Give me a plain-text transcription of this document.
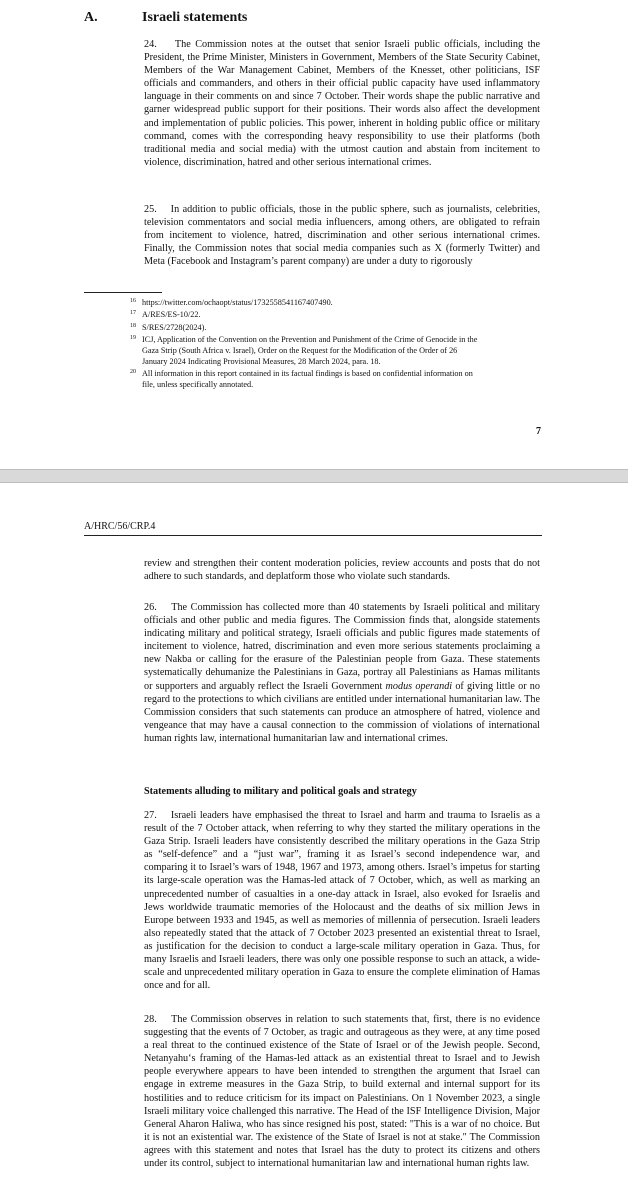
A.	Israeli statements

24. The Commission notes at the outset that senior Israeli public officials, including the President, the Prime Minister, Ministers in Government, Members of the State Security Cabinet, Members of the War Management Cabinet, Members of the Knesset, other politicians, ISF officials and commanders, and others in their official public capacity have used inflammatory language in their comments on and since 7 October. Their words shape the public narrative and garner widespread public support for their positions. Their words also affect the development and implementation of public policies. This power, inherent in holding public office or military command, comes with the corresponding heavy responsibility to use their platforms (both traditional media and social media) with the utmost caution and abstain from incitement to violence, discrimination, hatred and other serious international crimes.

25. In addition to public officials, those in the public sphere, such as journalists, celebrities, television commentators and social media influencers, among others, are obligated to refrain from incitement to violence, hatred, discrimination and other serious international crimes. Finally, the Commission notes that social media companies such as X (formerly Twitter) and Meta (Facebook and Instagram’s parent company) are under a duty to rigorously

16 https://twitter.com/ochaopt/status/1732558541167407490.
17 A/RES/ES-10/22.
18 S/RES/2728(2024).
19 ICJ, Application of the Convention on the Prevention and Punishment of the Crime of Genocide in the Gaza Strip (South Africa v. Israel), Order on the Request for the Modification of the Order of 26 January 2024 Indicating Provisional Measures, 28 March 2024, para. 18.
20 All information in this report contained in its factual findings is based on confidential information on file, unless specifically annotated.
7
A/HRC/56/CRP.4

review and strengthen their content moderation policies, review accounts and posts that do not adhere to such standards, and deplatform those who violate such standards.

26. The Commission has collected more than 40 statements by Israeli political and military officials and other public and media figures. The Commission finds that, alongside statements indicating military and political strategy, Israeli officials and public figures made statements of incitement to violence, hatred, discrimination and even more serious statements proclaiming a new Nakba or calling for the erasure of the Palestinian people from Gaza. These statements systematically dehumanize the Palestinians in Gaza, portray all Palestinians as Hamas militants or supporters and arguably reflect the Israeli Government modus operandi of giving little or no regard to the protections to which civilians are entitled under international humanitarian law. The Commission considers that such statements can produce an atmosphere of hatred, violence and vengeance that may have a causal connection to the commission of violations of international human rights law, international humanitarian law and international crimes.

Statements alluding to military and political goals and strategy

27. Israeli leaders have emphasised the threat to Israel and harm and trauma to Israelis as a result of the 7 October attack, when referring to why they started the military operations in the Gaza Strip. Israeli leaders have consistently described the military operations in the Gaza Strip as “self-defence” and a “just war”, framing it as Israel’s second independence war, and comparing it to Israel’s wars of 1948, 1967 and 1973, among others. Israel’s impetus for starting its large-scale operation was the Hamas-led attack of 7 October, which, as well as marking an unprecedented number of casualties in a one-day attack in Israel, also evoked for Israelis and Jews worldwide traumatic memories of the Holocaust and the deaths of six million Jews in Europe between 1933 and 1945, as well as memories of millennia of persecution. Israeli leaders also repeatedly stated that the attack of 7 October 2023 presented an existential threat to Israel, as justification for the decision to conduct a large-scale military operation in Gaza. Thus, for many Israelis and Israeli leaders, there was only one possible response to such an attack, a wide-scale and unprecedented military operation in Gaza to ensure the complete elimination of Hamas once and for all.

28. The Commission observes in relation to such statements that, first, there is no evidence suggesting that the events of 7 October, as tragic and outrageous as they were, at any time posed a real threat to the continued existence of the State of Israel or of the Jewish people. Second, Netanyahu‘s framing of the Hamas-led attack as an existential threat to Israel and to Jewish people everywhere appears to have been intended to strengthen the argument that Israel can engage in extreme measures in the Gaza Strip, to build external and internal support for its hostilities and to reduce criticism for its impact on Palestinians. On 1 November 2023, a single Israeli military voice challenged this narrative. The Head of the ISF Intelligence Division, Major General Aharon Haliwa, who has since resigned his post, stated: "This is a war of no choice. But it is not an existential war. The existence of the State of Israel is not at stake." The Commission agrees with this statement and notes that Israel has the duty to protect its citizens and others under its control, subject to international humanitarian law and international human rights law.
